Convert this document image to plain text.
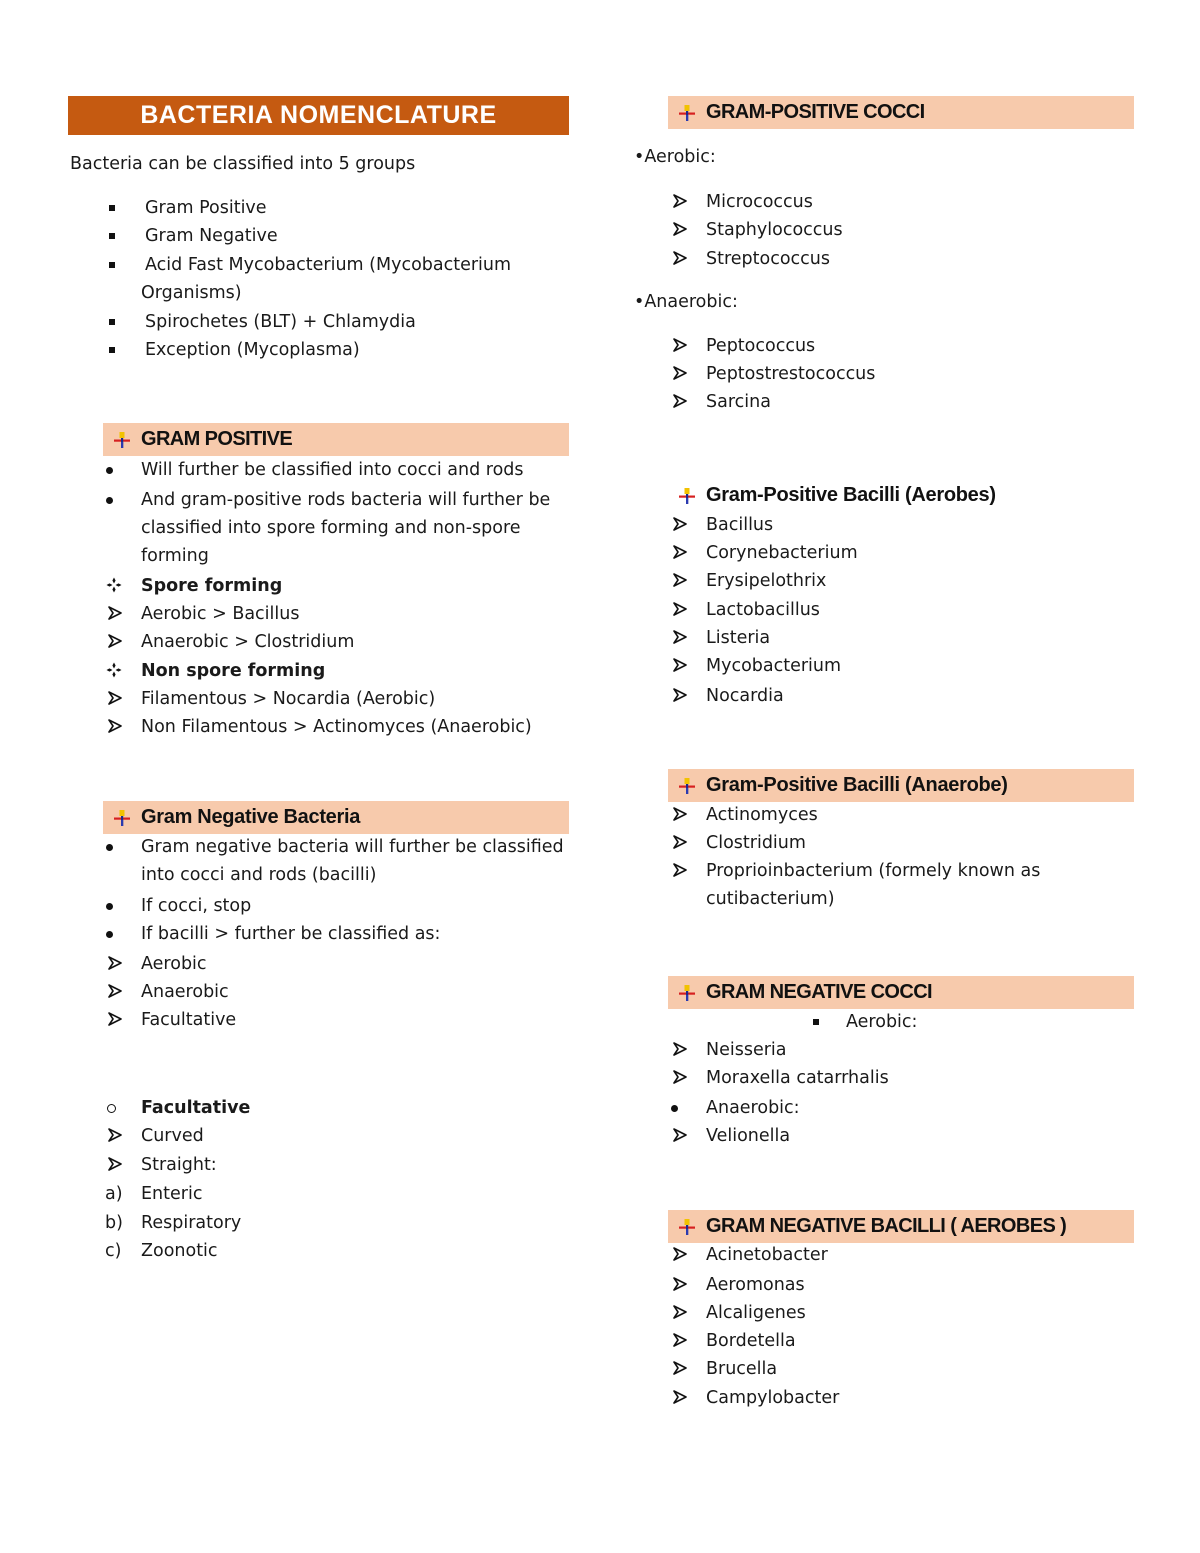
BACTERIA NOMENCLATURE
Bacteria can be classified into 5 groups
Gram Positive
Gram Negative
Acid Fast Mycobacterium (Mycobacterium
Organisms)
Spirochetes (BLT) + Chlamydia
Exception (Mycoplasma)
GRAM POSITIVE
Will further be classified into cocci and rods
And gram-positive rods bacteria will further be
classified into spore forming and non-spore
forming
Spore forming
Aerobic > Bacillus
Anaerobic > Clostridium
Non spore forming
Filamentous > Nocardia (Aerobic)
Non Filamentous > Actinomyces (Anaerobic)
Gram Negative Bacteria
Gram negative bacteria will further be classified
into cocci and rods (bacilli)
If cocci, stop
If bacilli > further be classified as:
Aerobic
Anaerobic
Facultative
Facultative
Curved
Straight:
a) Enteric
b) Respiratory
c) Zoonotic
GRAM-POSITIVE COCCI
•Aerobic:
Micrococcus
Staphylococcus
Streptococcus
•Anaerobic:
Peptococcus
Peptostrestococcus
Sarcina
Gram-Positive Bacilli (Aerobes)
Bacillus
Corynebacterium
Erysipelothrix
Lactobacillus
Listeria
Mycobacterium
Nocardia
Gram-Positive Bacilli (Anaerobe)
Actinomyces
Clostridium
Proprioinbacterium (formely known as
cutibacterium)
GRAM NEGATIVE COCCI
Aerobic:
Neisseria
Moraxella catarrhalis
Anaerobic:
Velionella
GRAM NEGATIVE BACILLI ( AEROBES )
Acinetobacter
Aeromonas
Alcaligenes
Bordetella
Brucella
Campylobacter
